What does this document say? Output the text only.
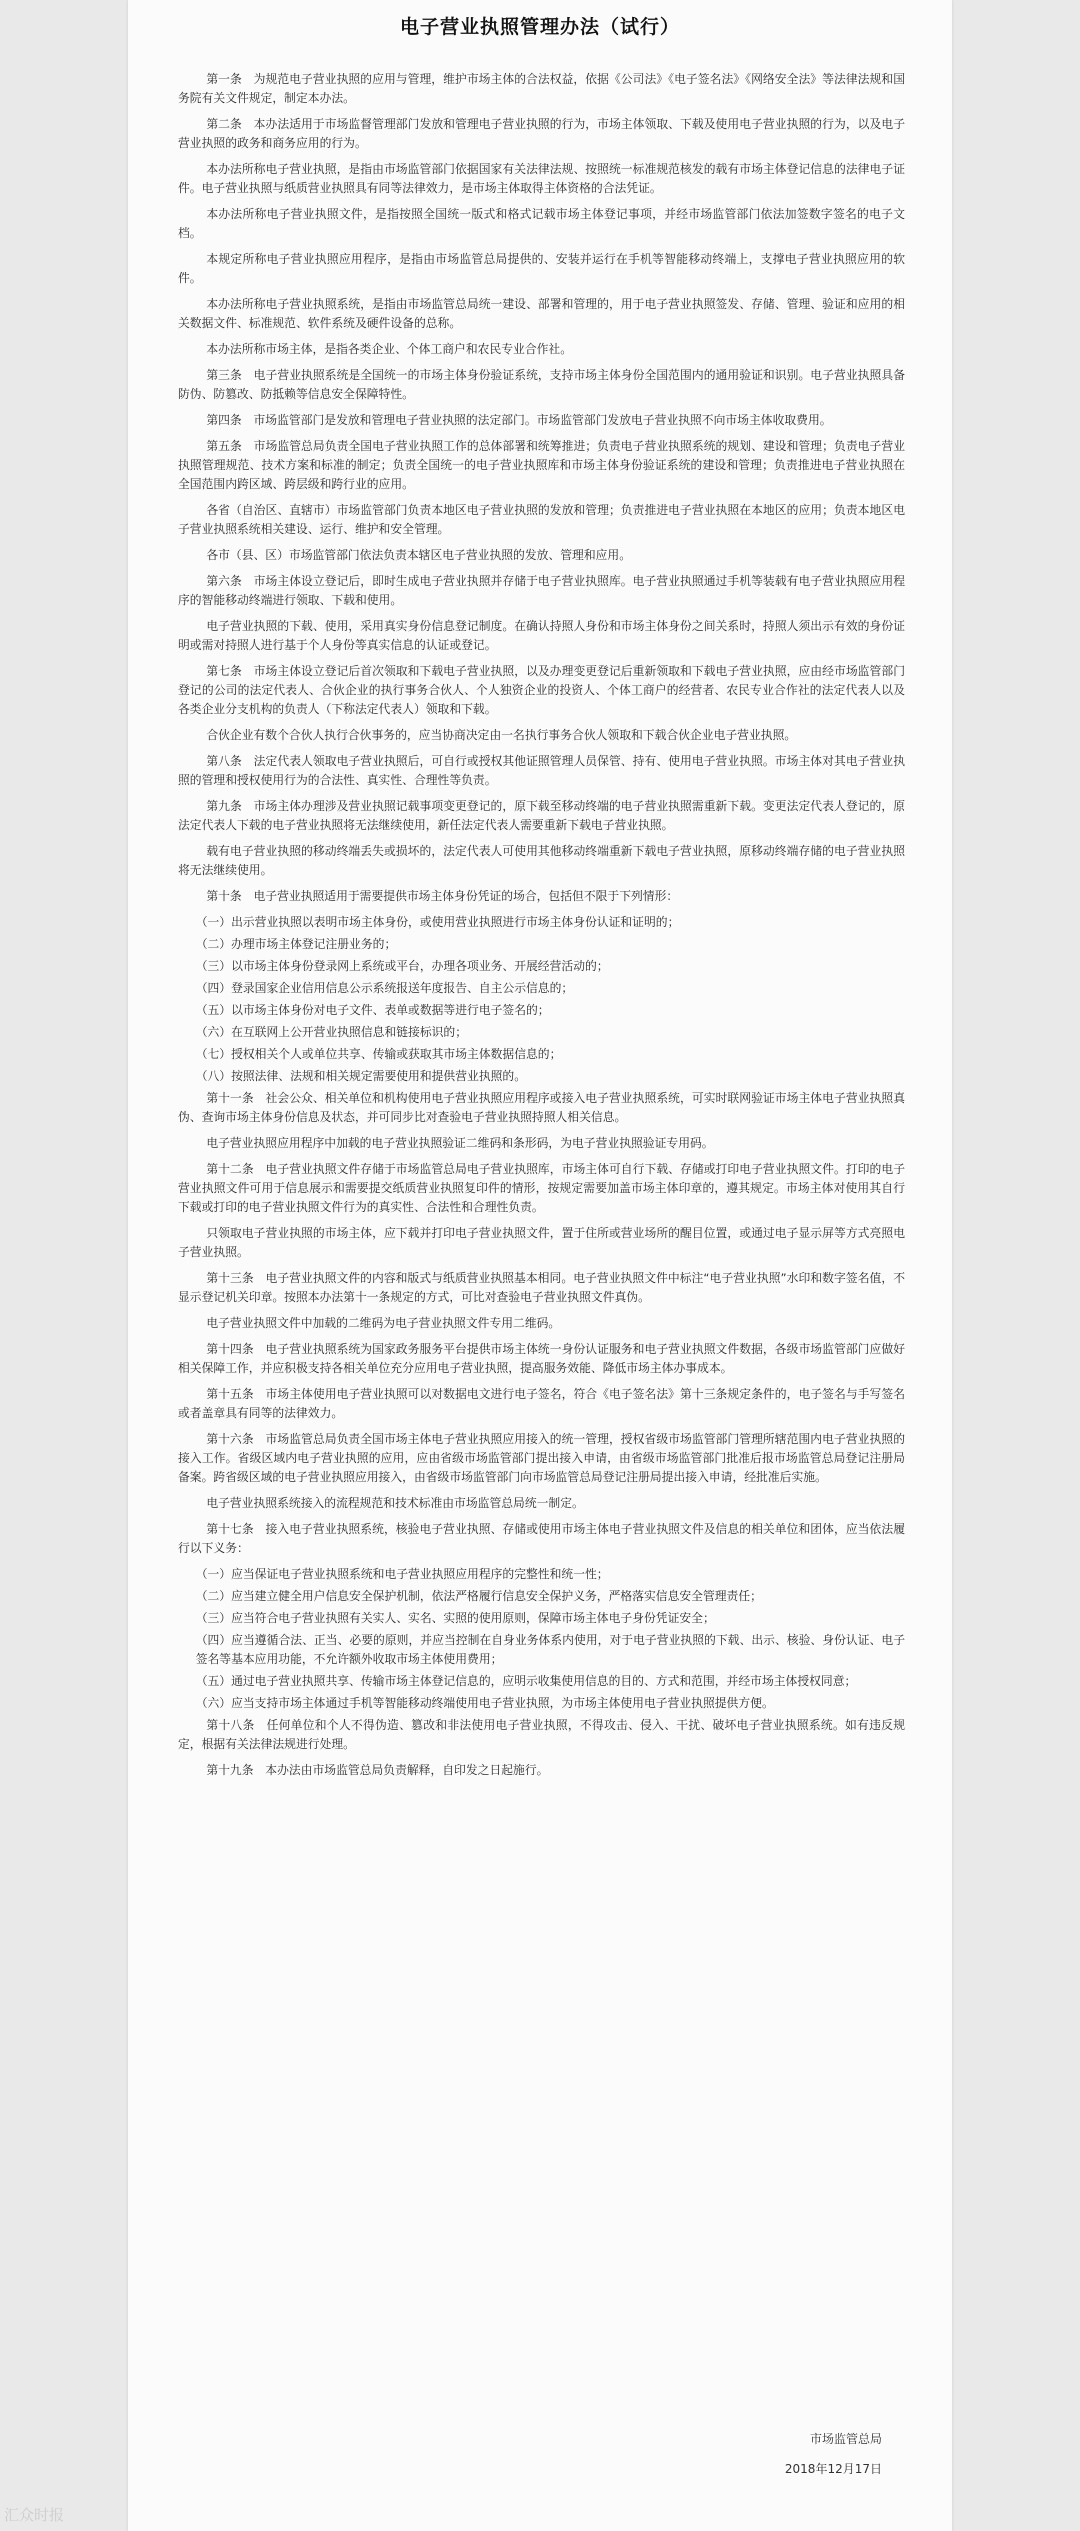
电子营业执照管理办法（试行）

第一条　为规范电子营业执照的应用与管理，维护市场主体的合法权益，依据《公司法》《电子签名法》《网络安全法》等法律法规和国务院有关文件规定，制定本办法。

第二条　本办法适用于市场监督管理部门发放和管理电子营业执照的行为，市场主体领取、下载及使用电子营业执照的行为，以及电子营业执照的政务和商务应用的行为。

本办法所称电子营业执照，是指由市场监管部门依据国家有关法律法规、按照统一标准规范核发的载有市场主体登记信息的法律电子证件。电子营业执照与纸质营业执照具有同等法律效力，是市场主体取得主体资格的合法凭证。

本办法所称电子营业执照文件，是指按照全国统一版式和格式记载市场主体登记事项，并经市场监管部门依法加签数字签名的电子文档。

本规定所称电子营业执照应用程序，是指由市场监管总局提供的、安装并运行在手机等智能移动终端上，支撑电子营业执照应用的软件。

本办法所称电子营业执照系统，是指由市场监管总局统一建设、部署和管理的，用于电子营业执照签发、存储、管理、验证和应用的相关数据文件、标准规范、软件系统及硬件设备的总称。

本办法所称市场主体，是指各类企业、个体工商户和农民专业合作社。

第三条　电子营业执照系统是全国统一的市场主体身份验证系统，支持市场主体身份全国范围内的通用验证和识别。电子营业执照具备防伪、防篡改、防抵赖等信息安全保障特性。

第四条　市场监管部门是发放和管理电子营业执照的法定部门。市场监管部门发放电子营业执照不向市场主体收取费用。

第五条　市场监管总局负责全国电子营业执照工作的总体部署和统筹推进；负责电子营业执照系统的规划、建设和管理；负责电子营业执照管理规范、技术方案和标准的制定；负责全国统一的电子营业执照库和市场主体身份验证系统的建设和管理；负责推进电子营业执照在全国范围内跨区域、跨层级和跨行业的应用。

各省（自治区、直辖市）市场监管部门负责本地区电子营业执照的发放和管理；负责推进电子营业执照在本地区的应用；负责本地区电子营业执照系统相关建设、运行、维护和安全管理。

各市（县、区）市场监管部门依法负责本辖区电子营业执照的发放、管理和应用。

第六条　市场主体设立登记后，即时生成电子营业执照并存储于电子营业执照库。电子营业执照通过手机等装载有电子营业执照应用程序的智能移动终端进行领取、下载和使用。

电子营业执照的下载、使用，采用真实身份信息登记制度。在确认持照人身份和市场主体身份之间关系时，持照人须出示有效的身份证明或需对持照人进行基于个人身份等真实信息的认证或登记。

第七条　市场主体设立登记后首次领取和下载电子营业执照，以及办理变更登记后重新领取和下载电子营业执照，应由经市场监管部门登记的公司的法定代表人、合伙企业的执行事务合伙人、个人独资企业的投资人、个体工商户的经营者、农民专业合作社的法定代表人以及各类企业分支机构的负责人（下称法定代表人）领取和下载。

合伙企业有数个合伙人执行合伙事务的，应当协商决定由一名执行事务合伙人领取和下载合伙企业电子营业执照。

第八条　法定代表人领取电子营业执照后，可自行或授权其他证照管理人员保管、持有、使用电子营业执照。市场主体对其电子营业执照的管理和授权使用行为的合法性、真实性、合理性等负责。

第九条　市场主体办理涉及营业执照记载事项变更登记的，原下载至移动终端的电子营业执照需重新下载。变更法定代表人登记的，原法定代表人下载的电子营业执照将无法继续使用，新任法定代表人需要重新下载电子营业执照。

载有电子营业执照的移动终端丢失或损坏的，法定代表人可使用其他移动终端重新下载电子营业执照，原移动终端存储的电子营业执照将无法继续使用。

第十条　电子营业执照适用于需要提供市场主体身份凭证的场合，包括但不限于下列情形：

（一）出示营业执照以表明市场主体身份，或使用营业执照进行市场主体身份认证和证明的；

（二）办理市场主体登记注册业务的；

（三）以市场主体身份登录网上系统或平台，办理各项业务、开展经营活动的；

（四）登录国家企业信用信息公示系统报送年度报告、自主公示信息的；

（五）以市场主体身份对电子文件、表单或数据等进行电子签名的；

（六）在互联网上公开营业执照信息和链接标识的；

（七）授权相关个人或单位共享、传输或获取其市场主体数据信息的；

（八）按照法律、法规和相关规定需要使用和提供营业执照的。

第十一条　社会公众、相关单位和机构使用电子营业执照应用程序或接入电子营业执照系统，可实时联网验证市场主体电子营业执照真伪、查询市场主体身份信息及状态，并可同步比对查验电子营业执照持照人相关信息。

电子营业执照应用程序中加载的电子营业执照验证二维码和条形码，为电子营业执照验证专用码。

第十二条　电子营业执照文件存储于市场监管总局电子营业执照库，市场主体可自行下载、存储或打印电子营业执照文件。打印的电子营业执照文件可用于信息展示和需要提交纸质营业执照复印件的情形，按规定需要加盖市场主体印章的，遵其规定。市场主体对使用其自行下载或打印的电子营业执照文件行为的真实性、合法性和合理性负责。

只领取电子营业执照的市场主体，应下载并打印电子营业执照文件，置于住所或营业场所的醒目位置，或通过电子显示屏等方式亮照电子营业执照。

第十三条　电子营业执照文件的内容和版式与纸质营业执照基本相同。电子营业执照文件中标注“电子营业执照”水印和数字签名值，不显示登记机关印章。按照本办法第十一条规定的方式，可比对查验电子营业执照文件真伪。

电子营业执照文件中加载的二维码为电子营业执照文件专用二维码。

第十四条　电子营业执照系统为国家政务服务平台提供市场主体统一身份认证服务和电子营业执照文件数据，各级市场监管部门应做好相关保障工作，并应积极支持各相关单位充分应用电子营业执照，提高服务效能、降低市场主体办事成本。

第十五条　市场主体使用电子营业执照可以对数据电文进行电子签名，符合《电子签名法》第十三条规定条件的，电子签名与手写签名或者盖章具有同等的法律效力。

第十六条　市场监管总局负责全国市场主体电子营业执照应用接入的统一管理，授权省级市场监管部门管理所辖范围内电子营业执照的接入工作。省级区域内电子营业执照的应用，应由省级市场监管部门提出接入申请，由省级市场监管部门批准后报市场监管总局登记注册局备案。跨省级区域的电子营业执照应用接入，由省级市场监管部门向市场监管总局登记注册局提出接入申请，经批准后实施。

电子营业执照系统接入的流程规范和技术标准由市场监管总局统一制定。

第十七条　接入电子营业执照系统，核验电子营业执照、存储或使用市场主体电子营业执照文件及信息的相关单位和团体，应当依法履行以下义务：

（一）应当保证电子营业执照系统和电子营业执照应用程序的完整性和统一性；

（二）应当建立健全用户信息安全保护机制，依法严格履行信息安全保护义务，严格落实信息安全管理责任；

（三）应当符合电子营业执照有关实人、实名、实照的使用原则，保障市场主体电子身份凭证安全；

（四）应当遵循合法、正当、必要的原则，并应当控制在自身业务体系内使用，对于电子营业执照的下载、出示、核验、身份认证、电子签名等基本应用功能，不允许额外收取市场主体使用费用；

（五）通过电子营业执照共享、传输市场主体登记信息的，应明示收集使用信息的目的、方式和范围，并经市场主体授权同意；

（六）应当支持市场主体通过手机等智能移动终端使用电子营业执照，为市场主体使用电子营业执照提供方便。

第十八条　任何单位和个人不得伪造、篡改和非法使用电子营业执照，不得攻击、侵入、干扰、破坏电子营业执照系统。如有违反规定，根据有关法律法规进行处理。

第十九条　本办法由市场监管总局负责解释，自印发之日起施行。

市场监管总局
2018年12月17日
汇众时报
